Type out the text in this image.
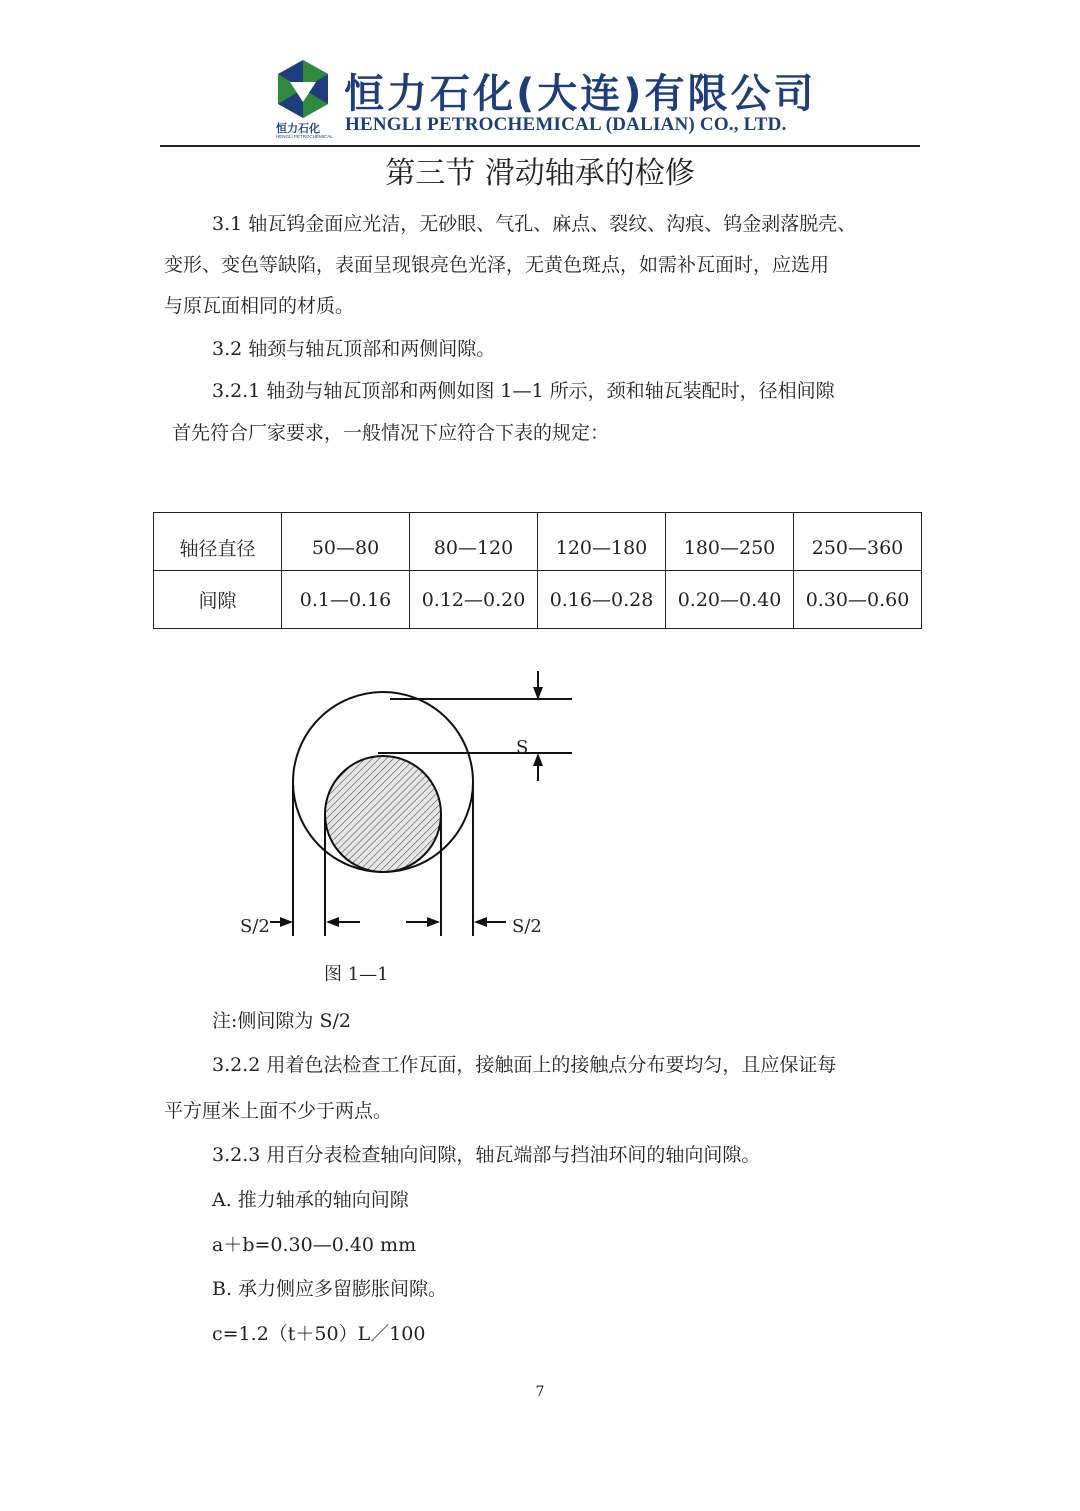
恒力石化
HENGLI PETROCHEMICAL
恒力石化(大连)有限公司
HENGLI PETROCHEMICAL (DALIAN) CO., LTD.
第三节 滑动轴承的检修
3.1 轴瓦钨金面应光洁，无砂眼、气孔、麻点、裂纹、沟痕、钨金剥落脱壳、
变形、变色等缺陷，表面呈现银亮色光泽，无黄色斑点，如需补瓦面时，应选用
与原瓦面相同的材质。
3.2 轴颈与轴瓦顶部和两侧间隙。
3.2.1 轴劲与轴瓦顶部和两侧如图 1—1 所示，颈和轴瓦装配时，径相间隙
首先符合厂家要求，一般情况下应符合下表的规定：
轴径直径	50—80	80—120	120—180	180—250	250—360
间隙	0.1—0.16	0.12—0.20	0.16—0.28	0.20—0.40	0.30—0.60
S
S/2	S/2
图 1—1
注:侧间隙为 S/2
3.2.2 用着色法检查工作瓦面，接触面上的接触点分布要均匀，且应保证每
平方厘米上面不少于两点。
3.2.3 用百分表检查轴向间隙，轴瓦端部与挡油环间的轴向间隙。
A. 推力轴承的轴向间隙
a＋b=0.30—0.40 mm
B. 承力侧应多留膨胀间隙。
c=1.2（t＋50）L／100
7
